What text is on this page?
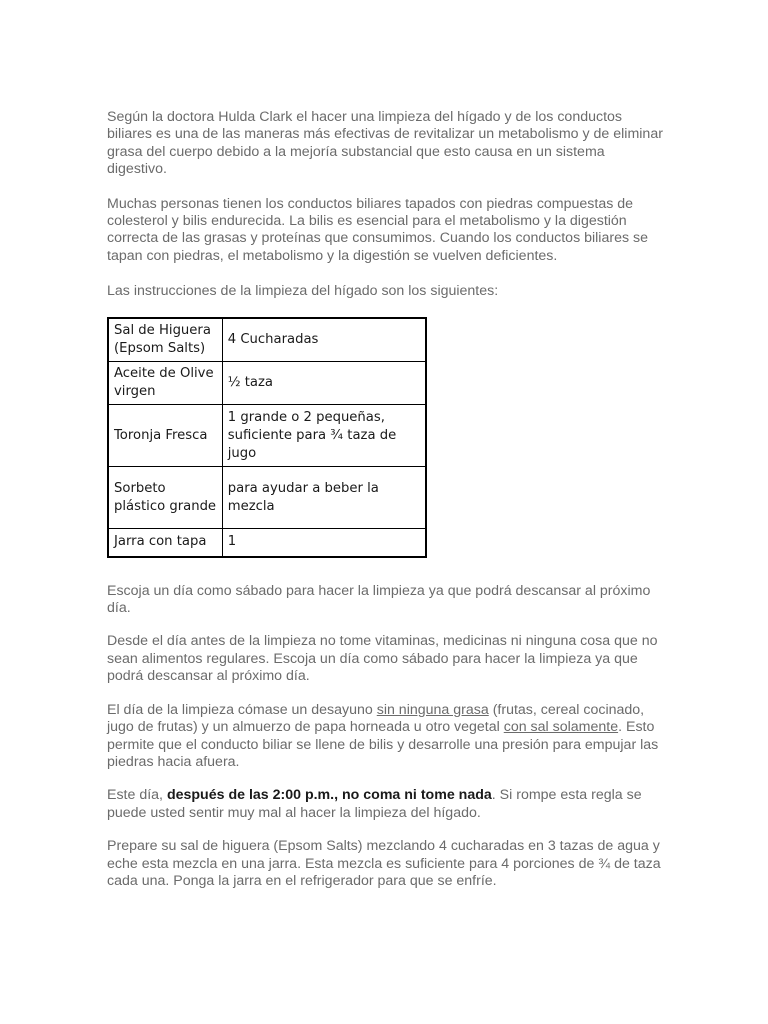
Según la doctora Hulda Clark el hacer una limpieza del hígado y de los conductos biliares es una de las maneras más efectivas de revitalizar un metabolismo y de eliminar grasa del cuerpo debido a la mejoría substancial que esto causa en un sistema digestivo.

Muchas personas tienen los conductos biliares tapados con piedras compuestas de colesterol y bilis endurecida. La bilis es esencial para el metabolismo y la digestión correcta de las grasas y proteínas que consumimos. Cuando los conductos biliares se tapan con piedras, el metabolismo y la digestión se vuelven deficientes.

Las instrucciones de la limpieza del hígado son los siguientes:

Sal de Higuera (Epsom Salts)	4 Cucharadas
Aceite de Olive virgen	½ taza
Toronja Fresca	1 grande o 2 pequeñas, suficiente para ¾ taza de jugo
Sorbeto plástico grande	para ayudar a beber la mezcla
Jarra con tapa	1

Escoja un día como sábado para hacer la limpieza ya que podrá descansar al próximo día.

Desde el día antes de la limpieza no tome vitaminas, medicinas ni ninguna cosa que no sean alimentos regulares. Escoja un día como sábado para hacer la limpieza ya que podrá descansar al próximo día.

El día de la limpieza cómase un desayuno sin ninguna grasa (frutas, cereal cocinado, jugo de frutas) y un almuerzo de papa horneada u otro vegetal con sal solamente. Esto permite que el conducto biliar se llene de bilis y desarrolle una presión para empujar las piedras hacia afuera.

Este día, después de las 2:00 p.m., no coma ni tome nada. Si rompe esta regla se puede usted sentir muy mal al hacer la limpieza del hígado.

Prepare su sal de higuera (Epsom Salts) mezclando 4 cucharadas en 3 tazas de agua y eche esta mezcla en una jarra. Esta mezcla es suficiente para 4 porciones de ¾ de taza cada una. Ponga la jarra en el refrigerador para que se enfríe.
